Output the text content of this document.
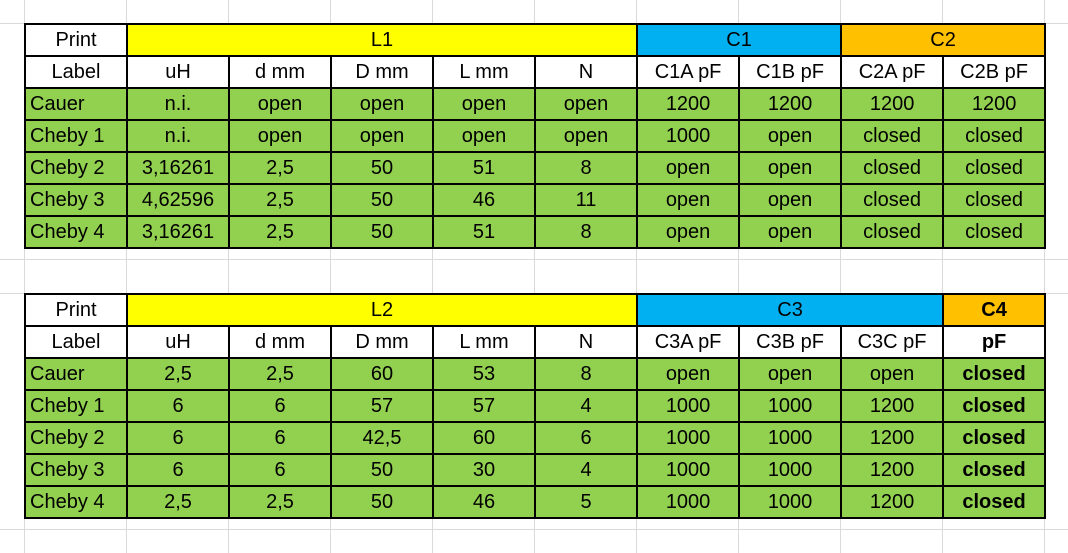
Print	L1					C1		C2	
Label	uH	d mm	D mm	L mm	N	C1A pF	C1B pF	C2A pF	C2B pF
Cauer	n.i.	open	open	open	open	1200	1200	1200	1200
Cheby 1	n.i.	open	open	open	open	1000	open	closed	closed
Cheby 2	3,16261	2,5	50	51	8	open	open	closed	closed
Cheby 3	4,62596	2,5	50	46	11	open	open	closed	closed
Cheby 4	3,16261	2,5	50	51	8	open	open	closed	closed
Print	L2					C3			C4
Label	uH	d mm	D mm	L mm	N	C3A pF	C3B pF	C3C pF	pF
Cauer	2,5	2,5	60	53	8	open	open	open	closed
Cheby 1	6	6	57	57	4	1000	1000	1200	closed
Cheby 2	6	6	42,5	60	6	1000	1000	1200	closed
Cheby 3	6	6	50	30	4	1000	1000	1200	closed
Cheby 4	2,5	2,5	50	46	5	1000	1000	1200	closed
